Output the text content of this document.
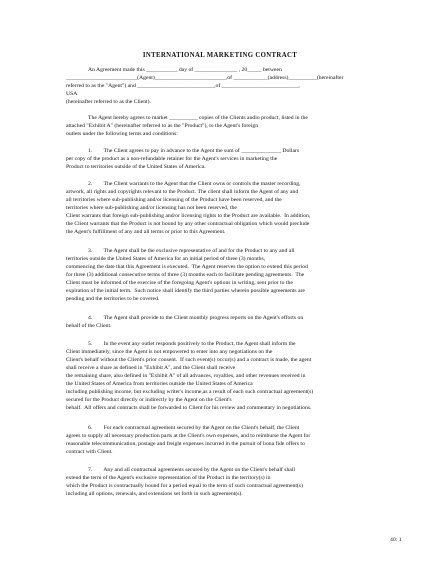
INTERNATIONAL MARKETING CONTRACT
An Agreement made this ___________ day of _______________ , 20_____ between
_________________________(Agent)_________________________,of ____________(address)__________(hereinafter
referred to as the "Agent") and ___________________________,of ___________________________,
USA
(hereinafter referred to as the Client).
The Agent hereby agrees to market __________ copies of the Clients audio product, listed in the
attached "Exhibit A" (hereinafter referred to as the "Product"), to the Agent's foreign
outlets under the following terms and conditions:
1.        The Client agrees to pay in advance to the Agent the sum of ______________ Dollars
per copy of the product as a non-refundable retainer for the Agent's services in marketing the
Product to territories outside of the United States of America.
2.        The Client warrants to the Agent that the Client owns or controls the master recording,
artwork, all rights and copyrights relevant to the Product. The client shall inform the Agent of any and
all territories where sub-publishing and/or licensing of the Product have been reserved, and the
territories where sub-publishing and/or licensing has not been reserved, the
Client warrants that foreign sub-publishing and/or licensing rights to the Product are available.  In addition,
the Client warrants that the Product is not bound by any other contractual obligation which would preclude
the Agent's fulfillment of any and all terms or prior to this Agreement.
3.        The Agent shall be the exclusive representative of and for the Product to any and all
territories outside the United States of America for an initial period of three (3) months,
commencing the date that this Agreement is executed.  The Agent reserves the option to extend this period
for three (3) additional consecutive terms of three (3) months each to facilitate pending agreements.  The
Client must be informed of the exercise of the foregoing Agent's options in writing, sent prior to the
expiration of the initial term.  Such notice shall identify the third parties wherein possible agreements are
pending and the territories to be covered.
4.        The Agent shall provide to the Client monthly progress reports on the Agent's efforts on
behalf of the Client.
5.        In the event any outlet responds positively to the Product, the Agent shall inform the
Client immediately, since the Agent is not empowered to enter into any negotiations on the
Client's behalf without the Client's prior consent.  If such event(s) occur(s) and a contract is made, the agent
shall receive a share as defined in "Exhibit A", and the Client shall receive
the remaining share, also defined in "Exhibit A" of all advances, royalties, and other revenues received in
the United States of America from territories outside the United States of America
including publishing income, but excluding writer's income,as a result of each such contractual agreement(s)
secured for the Product directly or indirectly by the Agent on the Client's
behalf.  All offers and contracts shall be forwarded to Client for his review and commentary in negotiations.
6.        For each contractual agreement secured by the Agent on the Client's behalf, the Client
agrees to supply all necessary production parts at the Client's own expenses, and to reimburse the Agent for
reasonable telecommunication, postage and freight expenses incurred in the pursuit of bona fide offers to
contract with Client.
7.        Any and all contractual agreements secured by the Agent on the Client's behalf shall
extend the term of the Agent's exclusive representation of the Product in the territory(s) in
which the Product is contractually bound for a period equal to the term of such contractual agreement(s)
including all options, renewals, and extensions set forth in such agreement(s).
40: 1
